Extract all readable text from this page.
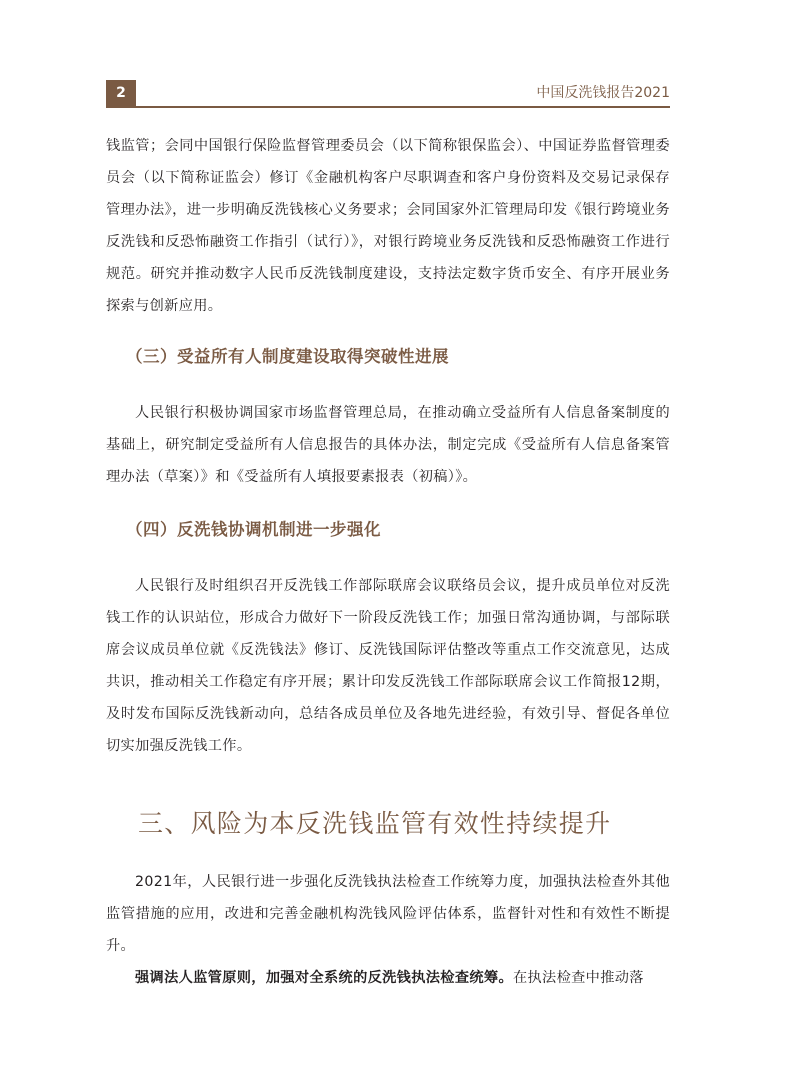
2	中国反洗钱报告2021

钱监管；会同中国银行保险监督管理委员会（以下简称银保监会）、中国证券监督管理委员会（以下简称证监会）修订《金融机构客户尽职调查和客户身份资料及交易记录保存管理办法》，进一步明确反洗钱核心义务要求；会同国家外汇管理局印发《银行跨境业务反洗钱和反恐怖融资工作指引（试行）》，对银行跨境业务反洗钱和反恐怖融资工作进行规范。研究并推动数字人民币反洗钱制度建设，支持法定数字货币安全、有序开展业务探索与创新应用。

（三）受益所有人制度建设取得突破性进展

人民银行积极协调国家市场监督管理总局，在推动确立受益所有人信息备案制度的基础上，研究制定受益所有人信息报告的具体办法，制定完成《受益所有人信息备案管理办法（草案）》和《受益所有人填报要素报表（初稿）》。

（四）反洗钱协调机制进一步强化

人民银行及时组织召开反洗钱工作部际联席会议联络员会议，提升成员单位对反洗钱工作的认识站位，形成合力做好下一阶段反洗钱工作；加强日常沟通协调，与部际联席会议成员单位就《反洗钱法》修订、反洗钱国际评估整改等重点工作交流意见，达成共识，推动相关工作稳定有序开展；累计印发反洗钱工作部际联席会议工作简报12期，及时发布国际反洗钱新动向，总结各成员单位及各地先进经验，有效引导、督促各单位切实加强反洗钱工作。

三、风险为本反洗钱监管有效性持续提升

2021年，人民银行进一步强化反洗钱执法检查工作统筹力度，加强执法检查外其他监管措施的应用，改进和完善金融机构洗钱风险评估体系，监督针对性和有效性不断提升。

强调法人监管原则，加强对全系统的反洗钱执法检查统筹。在执法检查中推动落
